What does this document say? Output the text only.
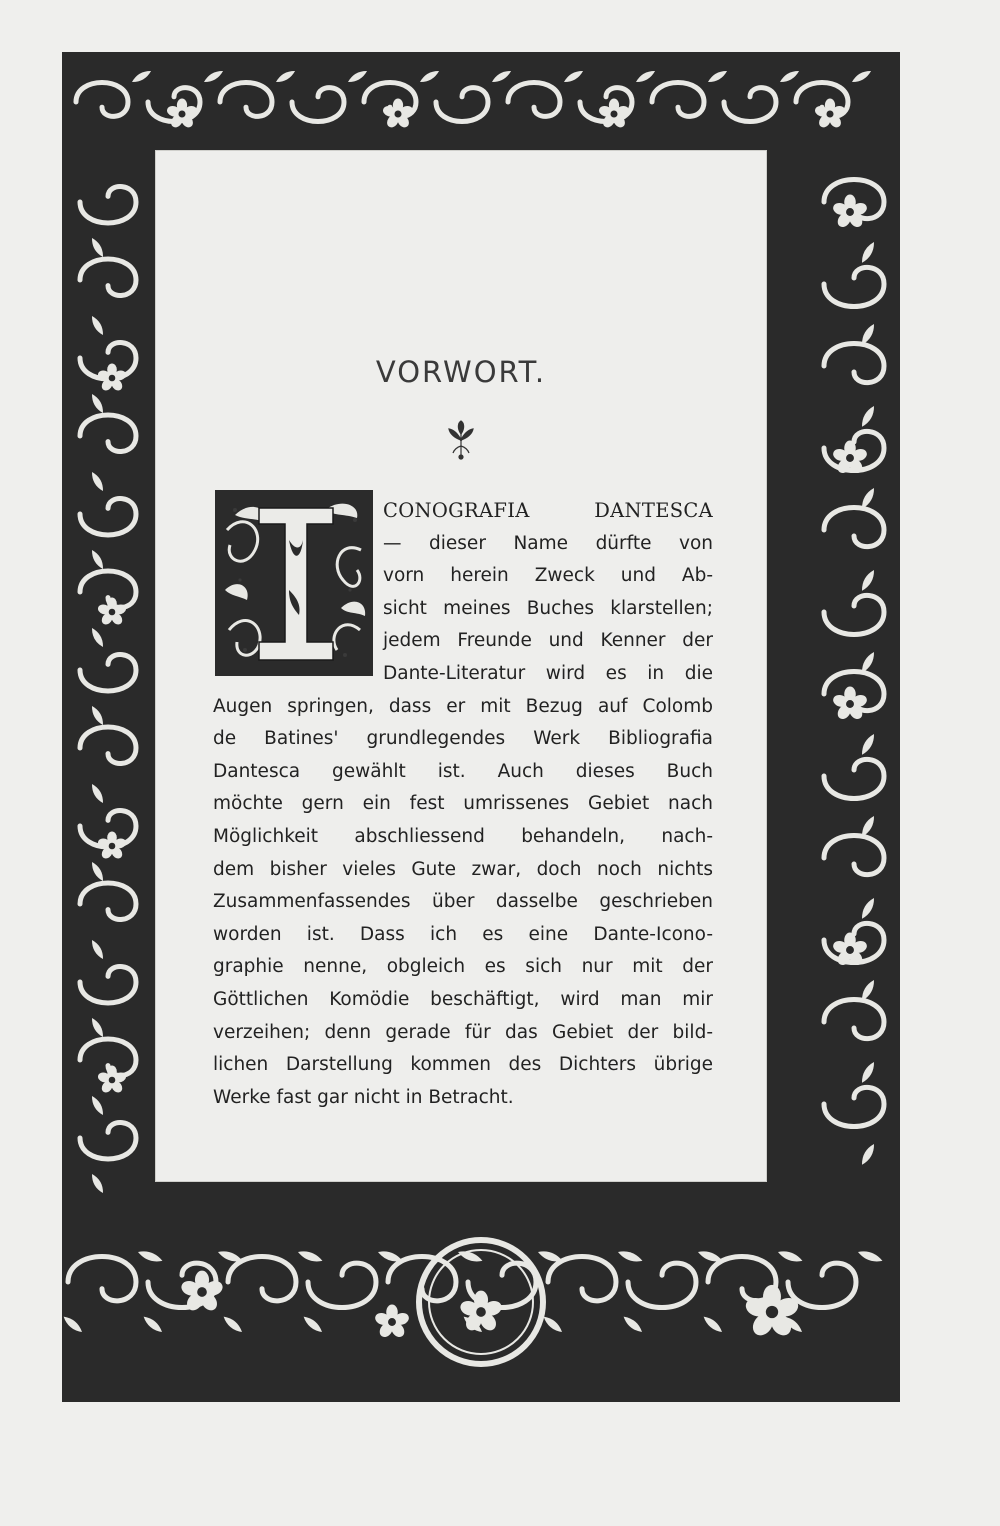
VORWORT.
CONOGRAFIA DANTESCA
— dieser Name dürfte von
vorn herein Zweck und Ab-
sicht meines Buches klarstellen;
jedem Freunde und Kenner der
Dante-Literatur wird es in die
Augen springen, dass er mit Bezug auf Colomb
de Batines' grundlegendes Werk Bibliografia
Dantesca gewählt ist. Auch dieses Buch
möchte gern ein fest umrissenes Gebiet nach
Möglichkeit abschliessend behandeln, nach-
dem bisher vieles Gute zwar, doch noch nichts
Zusammenfassendes über dasselbe geschrieben
worden ist. Dass ich es eine Dante-Icono-
graphie nenne, obgleich es sich nur mit der
Göttlichen Komödie beschäftigt, wird man mir
verzeihen; denn gerade für das Gebiet der bild-
lichen Darstellung kommen des Dichters übrige
Werke fast gar nicht in Betracht.
